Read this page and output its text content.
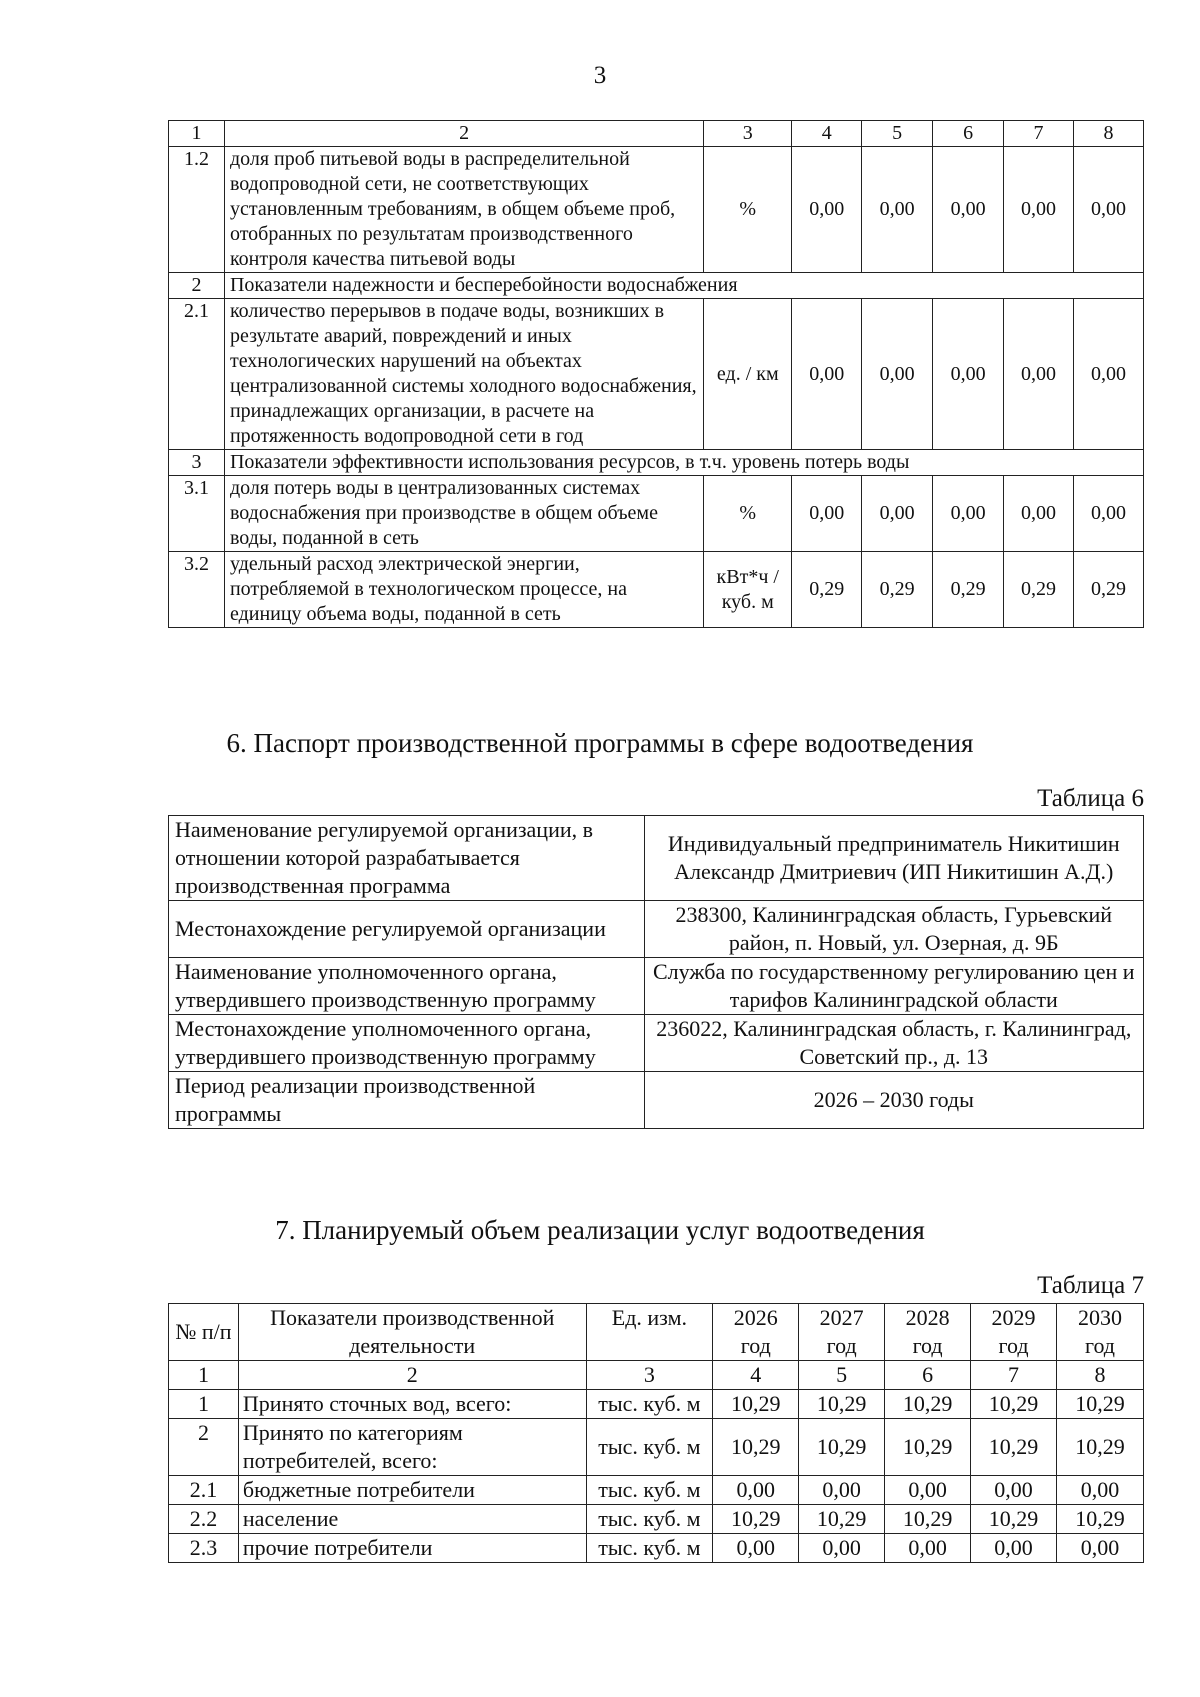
3
1	2	3	4	5	6	7	8
1.2	доля проб питьевой воды в распределительной водопроводной сети, не соответствующих установленным требованиям, в общем объеме проб, отобранных по результатам производственного контроля качества питьевой воды	%	0,00	0,00	0,00	0,00	0,00
2	Показатели надежности и бесперебойности водоснабжения						
2.1	количество перерывов в подаче воды, возникших в результате аварий, повреждений и иных технологических нарушений на объектах централизованной системы холодного водоснабжения, принадлежащих организации, в расчете на протяженность водопроводной сети в год	ед. / км	0,00	0,00	0,00	0,00	0,00
3	Показатели эффективности использования ресурсов, в т.ч. уровень потерь воды						
3.1	доля потерь воды в централизованных системах водоснабжения при производстве в общем объеме воды, поданной в сеть	%	0,00	0,00	0,00	0,00	0,00
3.2	удельный расход электрической энергии, потребляемой в технологическом процессе, на единицу объема воды, поданной в сеть	кВт*ч / куб. м	0,29	0,29	0,29	0,29	0,29
6. Паспорт производственной программы в сфере водоотведения
Таблица 6
Наименование регулируемой организации, в отношении которой разрабатывается производственная программа	Индивидуальный предприниматель Никитишин Александр Дмитриевич (ИП Никитишин А.Д.)
Местонахождение регулируемой организации	238300, Калининградская область, Гурьевский район, п. Новый, ул. Озерная, д. 9Б
Наименование уполномоченного органа, утвердившего производственную программу	Служба по государственному регулированию цен и тарифов Калининградской области
Местонахождение уполномоченного органа, утвердившего производственную программу	236022, Калининградская область, г. Калининград, Советский пр., д. 13
Период реализации производственной программы	2026 – 2030 годы
7. Планируемый объем реализации услуг водоотведения
Таблица 7
№ п/п	Показатели производственной деятельности	Ед. изм.	2026 год	2027 год	2028 год	2029 год	2030 год
1	2	3	4	5	6	7	8
1	Принято сточных вод, всего:	тыс. куб. м	10,29	10,29	10,29	10,29	10,29
2	Принято по категориям потребителей, всего:	тыс. куб. м	10,29	10,29	10,29	10,29	10,29
2.1	бюджетные потребители	тыс. куб. м	0,00	0,00	0,00	0,00	0,00
2.2	население	тыс. куб. м	10,29	10,29	10,29	10,29	10,29
2.3	прочие потребители	тыс. куб. м	0,00	0,00	0,00	0,00	0,00
